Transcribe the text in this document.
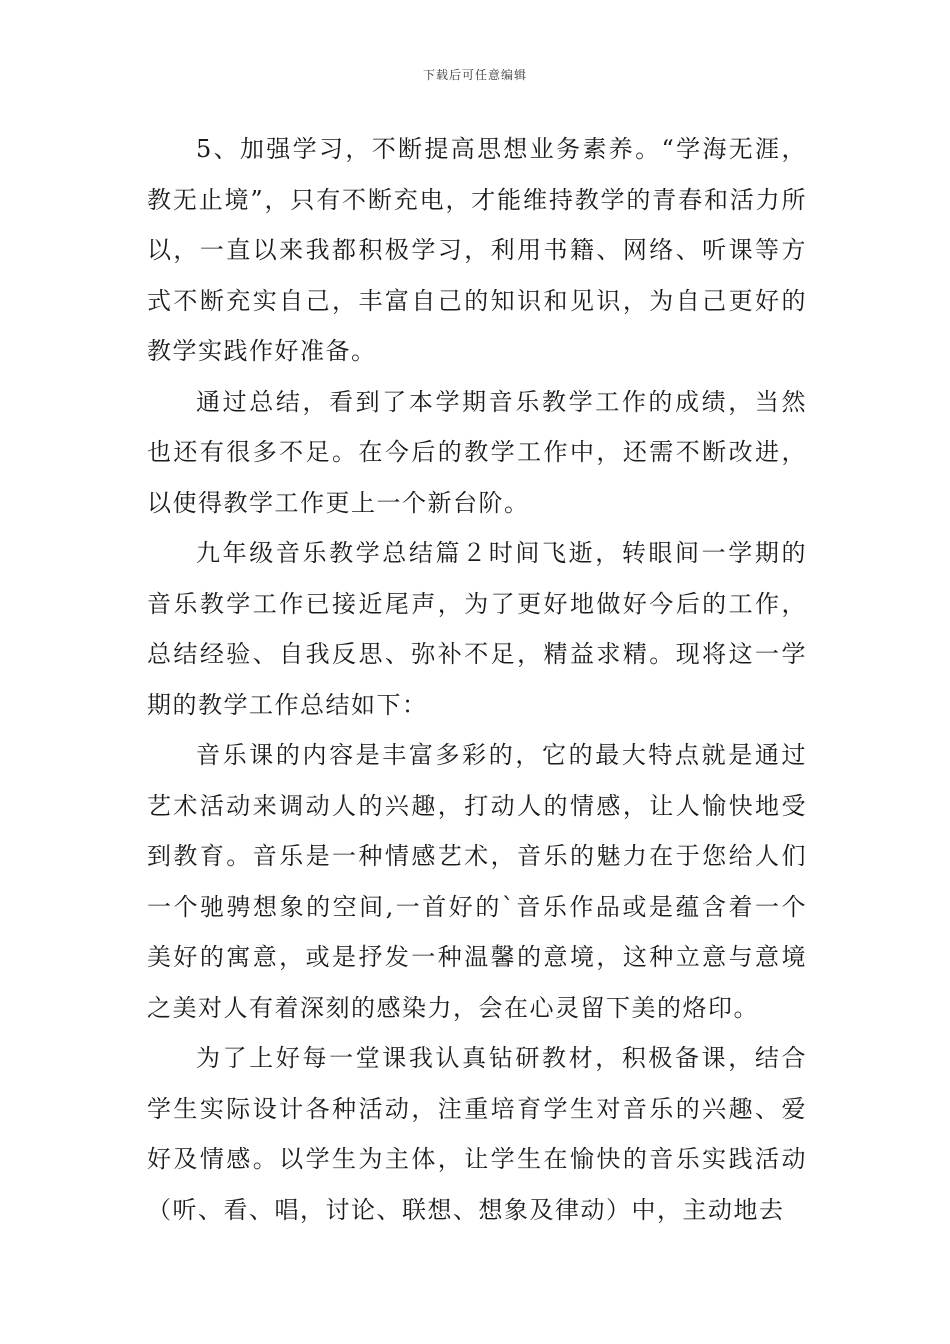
下载后可任意编辑

5、加强学习，不断提高思想业务素养。“学海无涯，教无止境”，只有不断充电，才能维持教学的青春和活力所以，一直以来我都积极学习，利用书籍、网络、听课等方式不断充实自己，丰富自己的知识和见识，为自己更好的教学实践作好准备。

通过总结，看到了本学期音乐教学工作的成绩，当然也还有很多不足。在今后的教学工作中，还需不断改进，以使得教学工作更上一个新台阶。

九年级音乐教学总结篇２时间飞逝，转眼间一学期的音乐教学工作已接近尾声，为了更好地做好今后的工作，总结经验、自我反思、弥补不足，精益求精。现将这一学期的教学工作总结如下：

音乐课的内容是丰富多彩的，它的最大特点就是通过艺术活动来调动人的兴趣，打动人的情感，让人愉快地受到教育。音乐是一种情感艺术，音乐的魅力在于您给人们一个驰骋想象的空间,一首好的`音乐作品或是蕴含着一个美好的寓意，或是抒发一种温馨的意境，这种立意与意境之美对人有着深刻的感染力，会在心灵留下美的烙印。

为了上好每一堂课我认真钻研教材，积极备课，结合学生实际设计各种活动，注重培育学生对音乐的兴趣、爱好及情感。以学生为主体，让学生在愉快的音乐实践活动（听、看、唱，讨论、联想、想象及律动）中，主动地去
